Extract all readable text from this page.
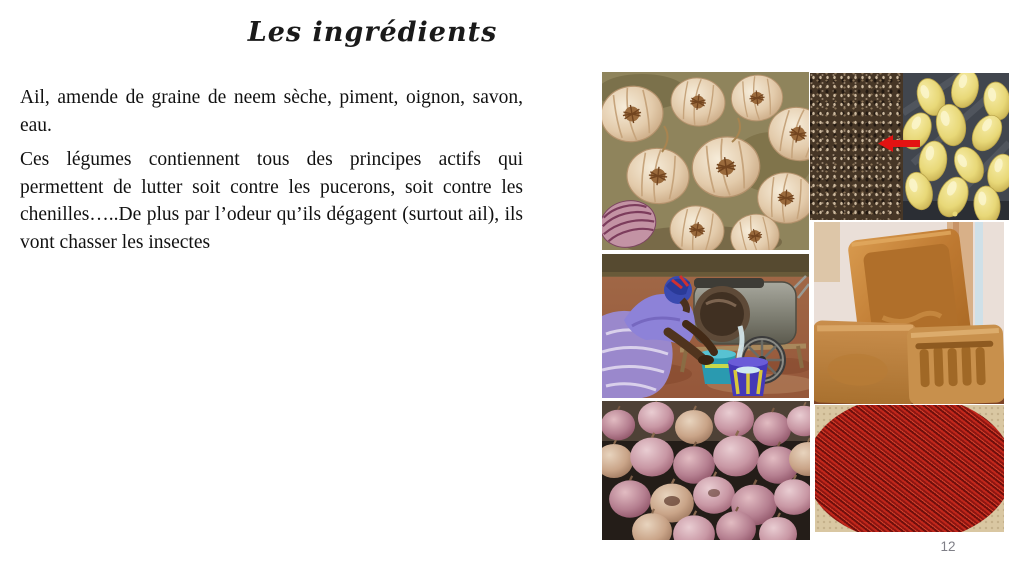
Les ingrédients

Ail, amende de graine de neem sèche, piment, oignon, savon, eau.

Ces légumes contiennent tous des principes actifs qui permettent de lutter soit contre les pucerons, soit contre les chenilles…..De plus par l’odeur qu’ils dégagent (surtout ail), ils vont chasser les insectes

12
